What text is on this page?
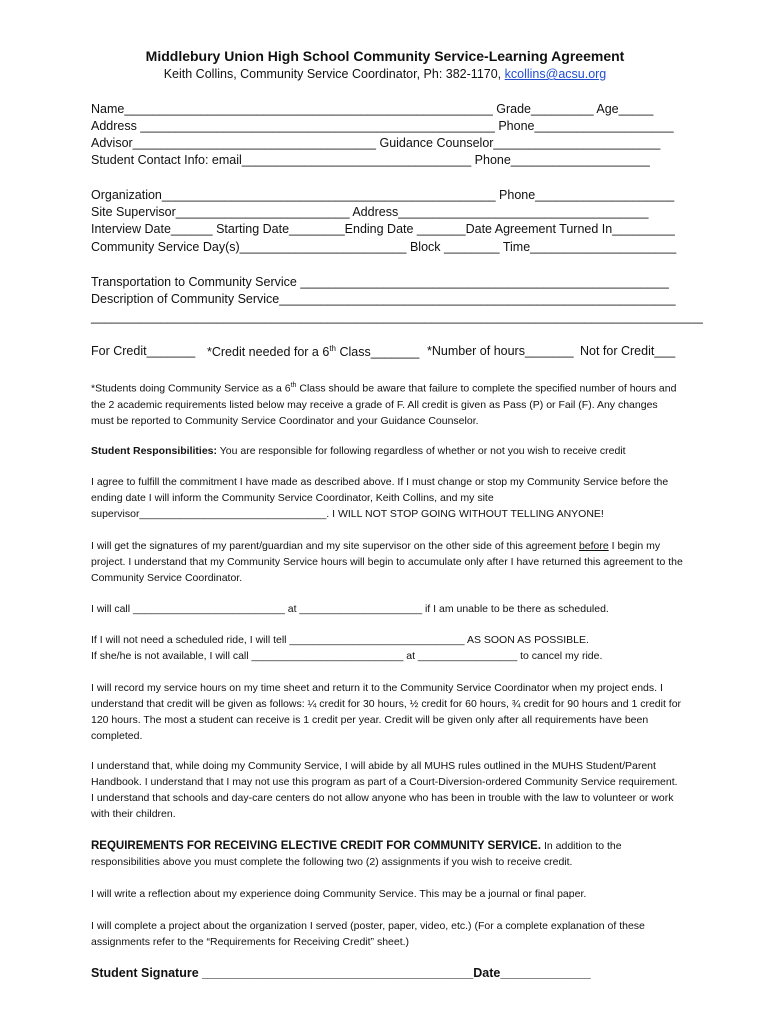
Middlebury Union High School Community Service-Learning Agreement
Keith Collins, Community Service Coordinator, Ph: 382-1170, kcollins@acsu.org
Name_____________________________________________________ Grade_________ Age_____
Address ___________________________________________________ Phone____________________
Advisor___________________________________ Guidance Counselor________________________
Student Contact Info: email_________________________________ Phone____________________
Organization________________________________________________ Phone____________________
Site Supervisor_________________________ Address____________________________________
Interview Date______ Starting Date________Ending Date _______Date Agreement Turned In_________
Community Service Day(s)________________________ Block ________ Time_____________________
Transportation to Community Service _____________________________________________________
Description of Community Service_________________________________________________________
________________________________________________________________________________________
For Credit_______ *Credit needed for a 6th Class_______ *Number of hours_______ Not for Credit___
*Students doing Community Service as a 6th Class should be aware that failure to complete the specified number of hours and the 2 academic requirements listed below may receive a grade of F. All credit is given as Pass (P) or Fail (F). Any changes must be reported to Community Service Coordinator and your Guidance Counselor.
Student Responsibilities: You are responsible for following regardless of whether or not you wish to receive credit
I agree to fulfill the commitment I have made as described above. If I must change or stop my Community Service before the ending date I will inform the Community Service Coordinator, Keith Collins, and my site supervisor________________________________. I WILL NOT STOP GOING WITHOUT TELLING ANYONE!
I will get the signatures of my parent/guardian and my site supervisor on the other side of this agreement before I begin my project. I understand that my Community Service hours will begin to accumulate only after I have returned this agreement to the Community Service Coordinator.
I will call __________________________ at _____________________ if I am unable to be there as scheduled.
If I will not need a scheduled ride, I will tell ______________________________ AS SOON AS POSSIBLE.
If she/he is not available, I will call __________________________ at _________________ to cancel my ride.
I will record my service hours on my time sheet and return it to the Community Service Coordinator when my project ends. I understand that credit will be given as follows: ¼ credit for 30 hours, ½ credit for 60 hours, ¾ credit for 90 hours and 1 credit for 120 hours. The most a student can receive is 1 credit per year. Credit will be given only after all requirements have been completed.
I understand that, while doing my Community Service, I will abide by all MUHS rules outlined in the MUHS Student/Parent Handbook. I understand that I may not use this program as part of a Court-Diversion-ordered Community Service requirement. I understand that schools and day-care centers do not allow anyone who has been in trouble with the law to volunteer or work with their children.
REQUIREMENTS FOR RECEIVING ELECTIVE CREDIT FOR COMMUNITY SERVICE. In addition to the responsibilities above you must complete the following two (2) assignments if you wish to receive credit.
I will write a reflection about my experience doing Community Service. This may be a journal or final paper.
I will complete a project about the organization I served (poster, paper, video, etc.) (For a complete explanation of these assignments refer to the “Requirements for Receiving Credit” sheet.)
Student Signature _______________________________________Date_____________
